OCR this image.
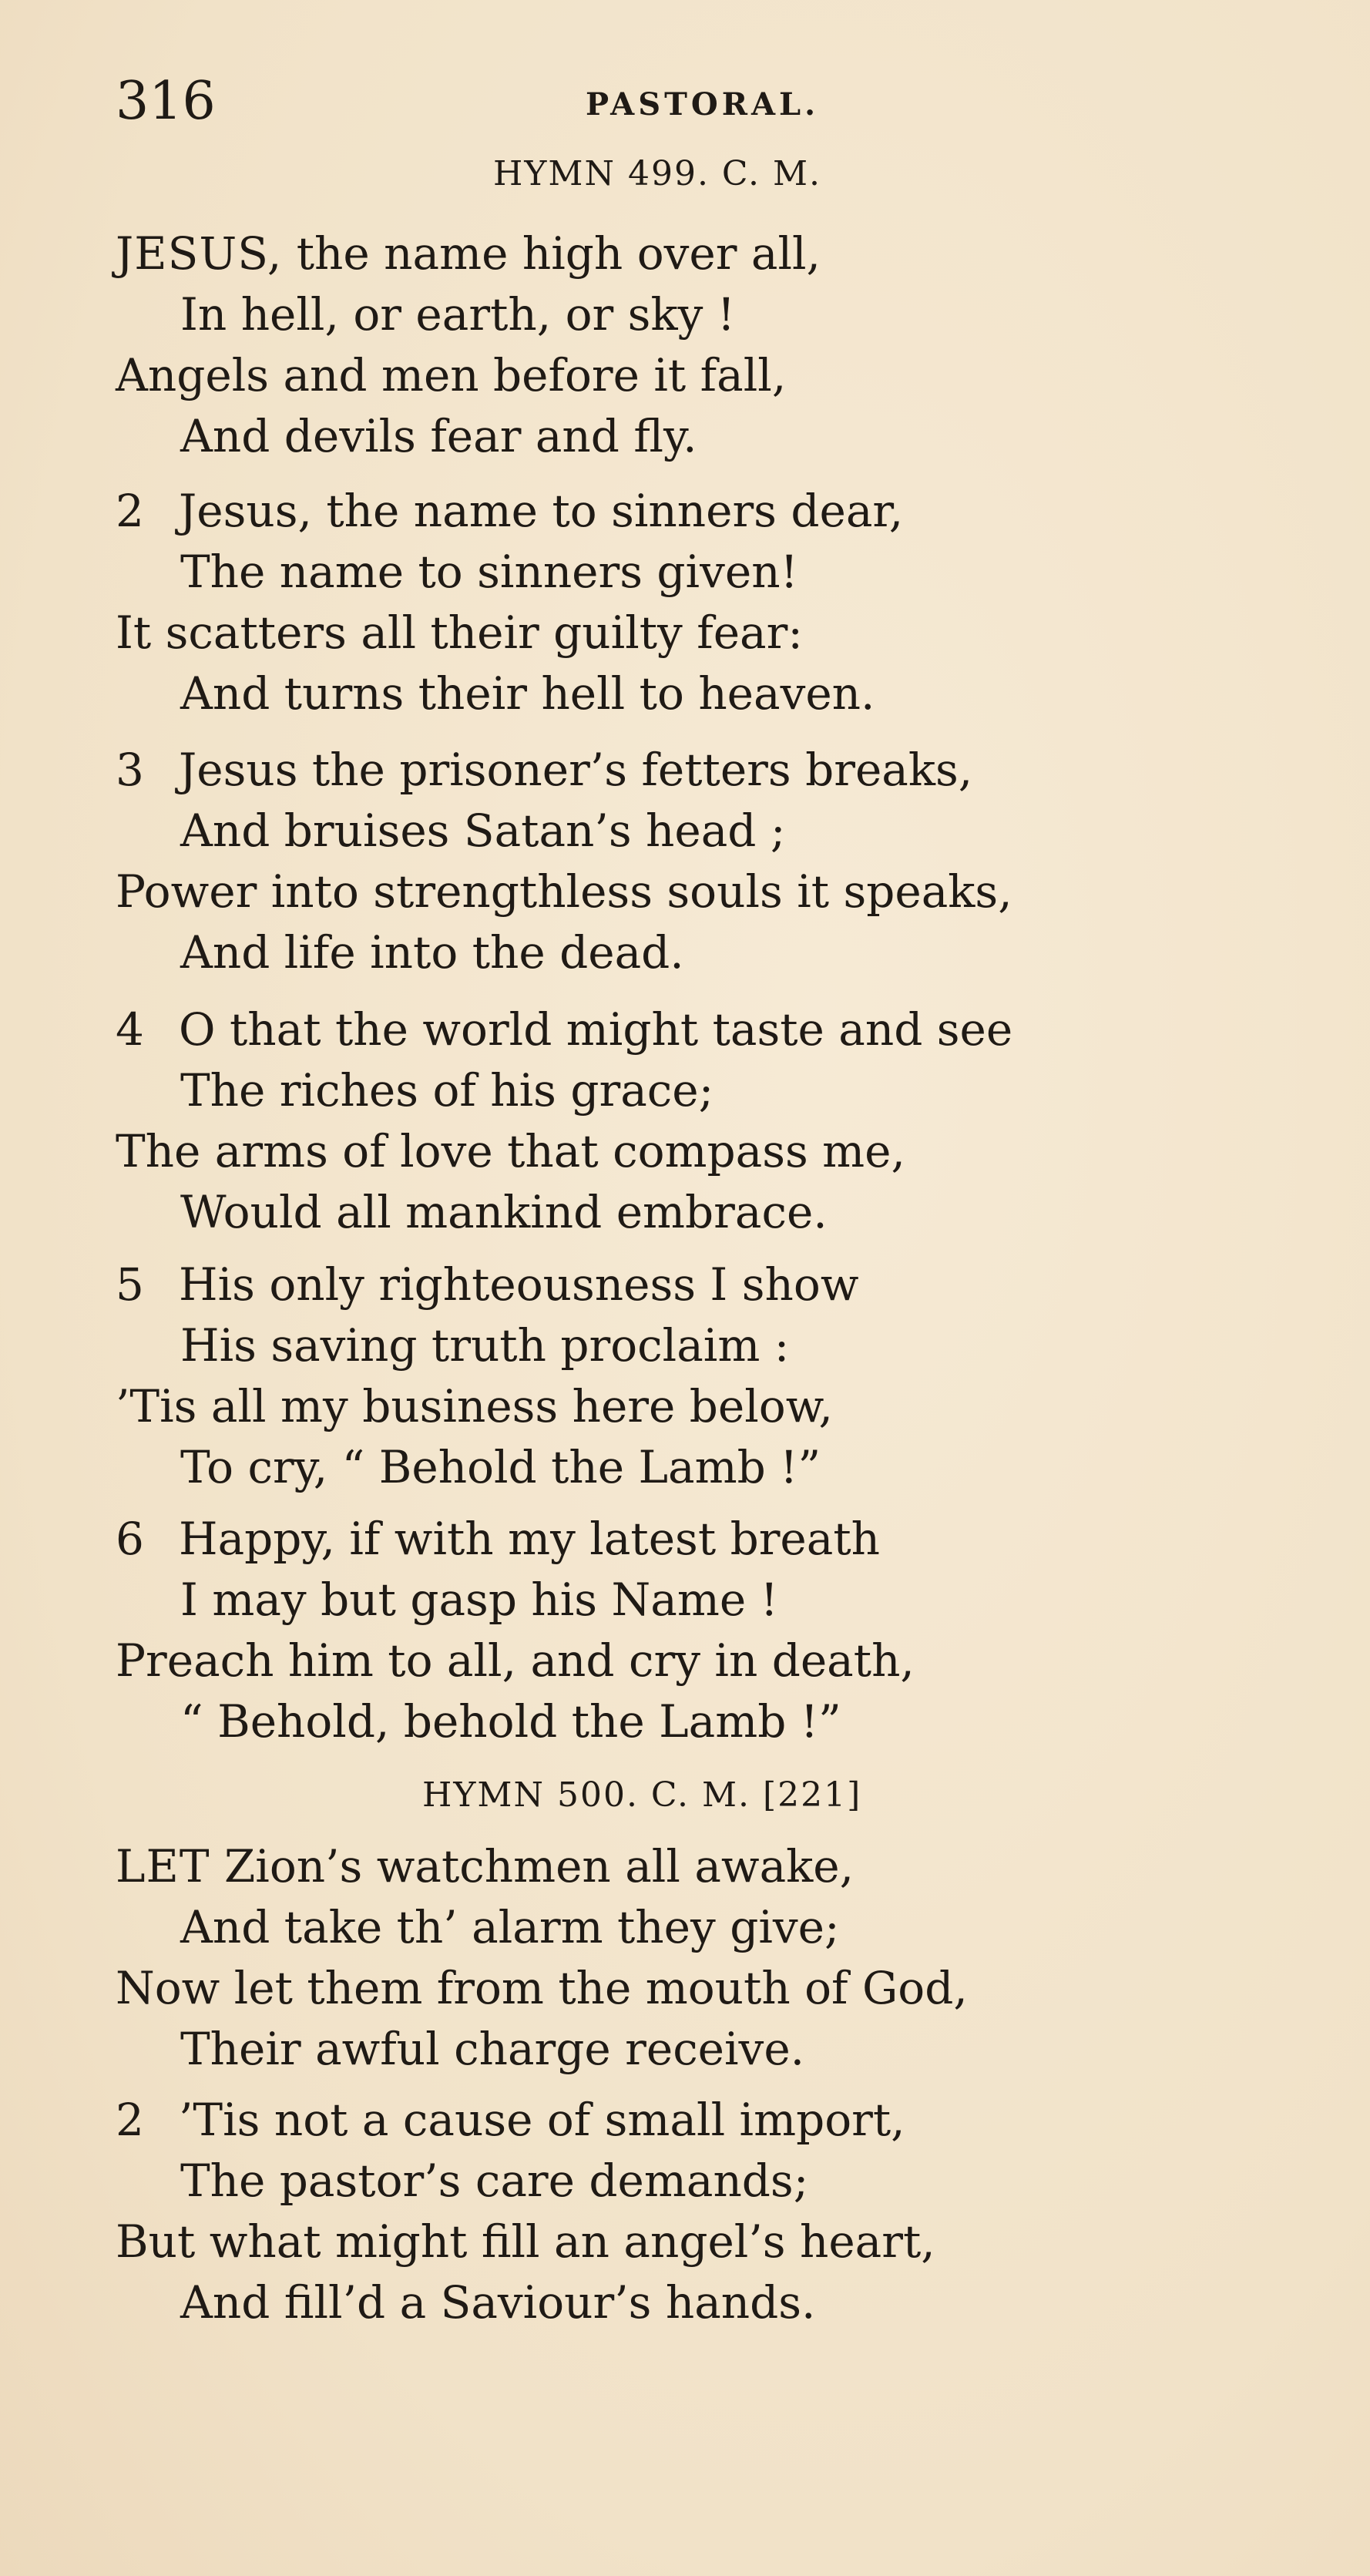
316	PASTORAL.
HYMN 499. C. M.
JESUS, the name high over all,
In hell, or earth, or sky !
Angels and men before it fall,
And devils fear and fly.
2 Jesus, the name to sinners dear,
The name to sinners given!
It scatters all their guilty fear:
And turns their hell to heaven.
3 Jesus the prisoner’s fetters breaks,
And bruises Satan’s head ;
Power into strengthless souls it speaks,
And life into the dead.
4 O that the world might taste and see
The riches of his grace;
The arms of love that compass me,
Would all mankind embrace.
5 His only righteousness I show
His saving truth proclaim :
’Tis all my business here below,
To cry, “ Behold the Lamb !”
6 Happy, if with my latest breath
I may but gasp his Name !
Preach him to all, and cry in death,
“ Behold, behold the Lamb !”
HYMN 500. C. M. [221]
LET Zion’s watchmen all awake,
And take th’ alarm they give;
Now let them from the mouth of God,
Their awful charge receive.
2 ’Tis not a cause of small import,
The pastor’s care demands;
But what might fill an angel’s heart,
And fill’d a Saviour’s hands.
